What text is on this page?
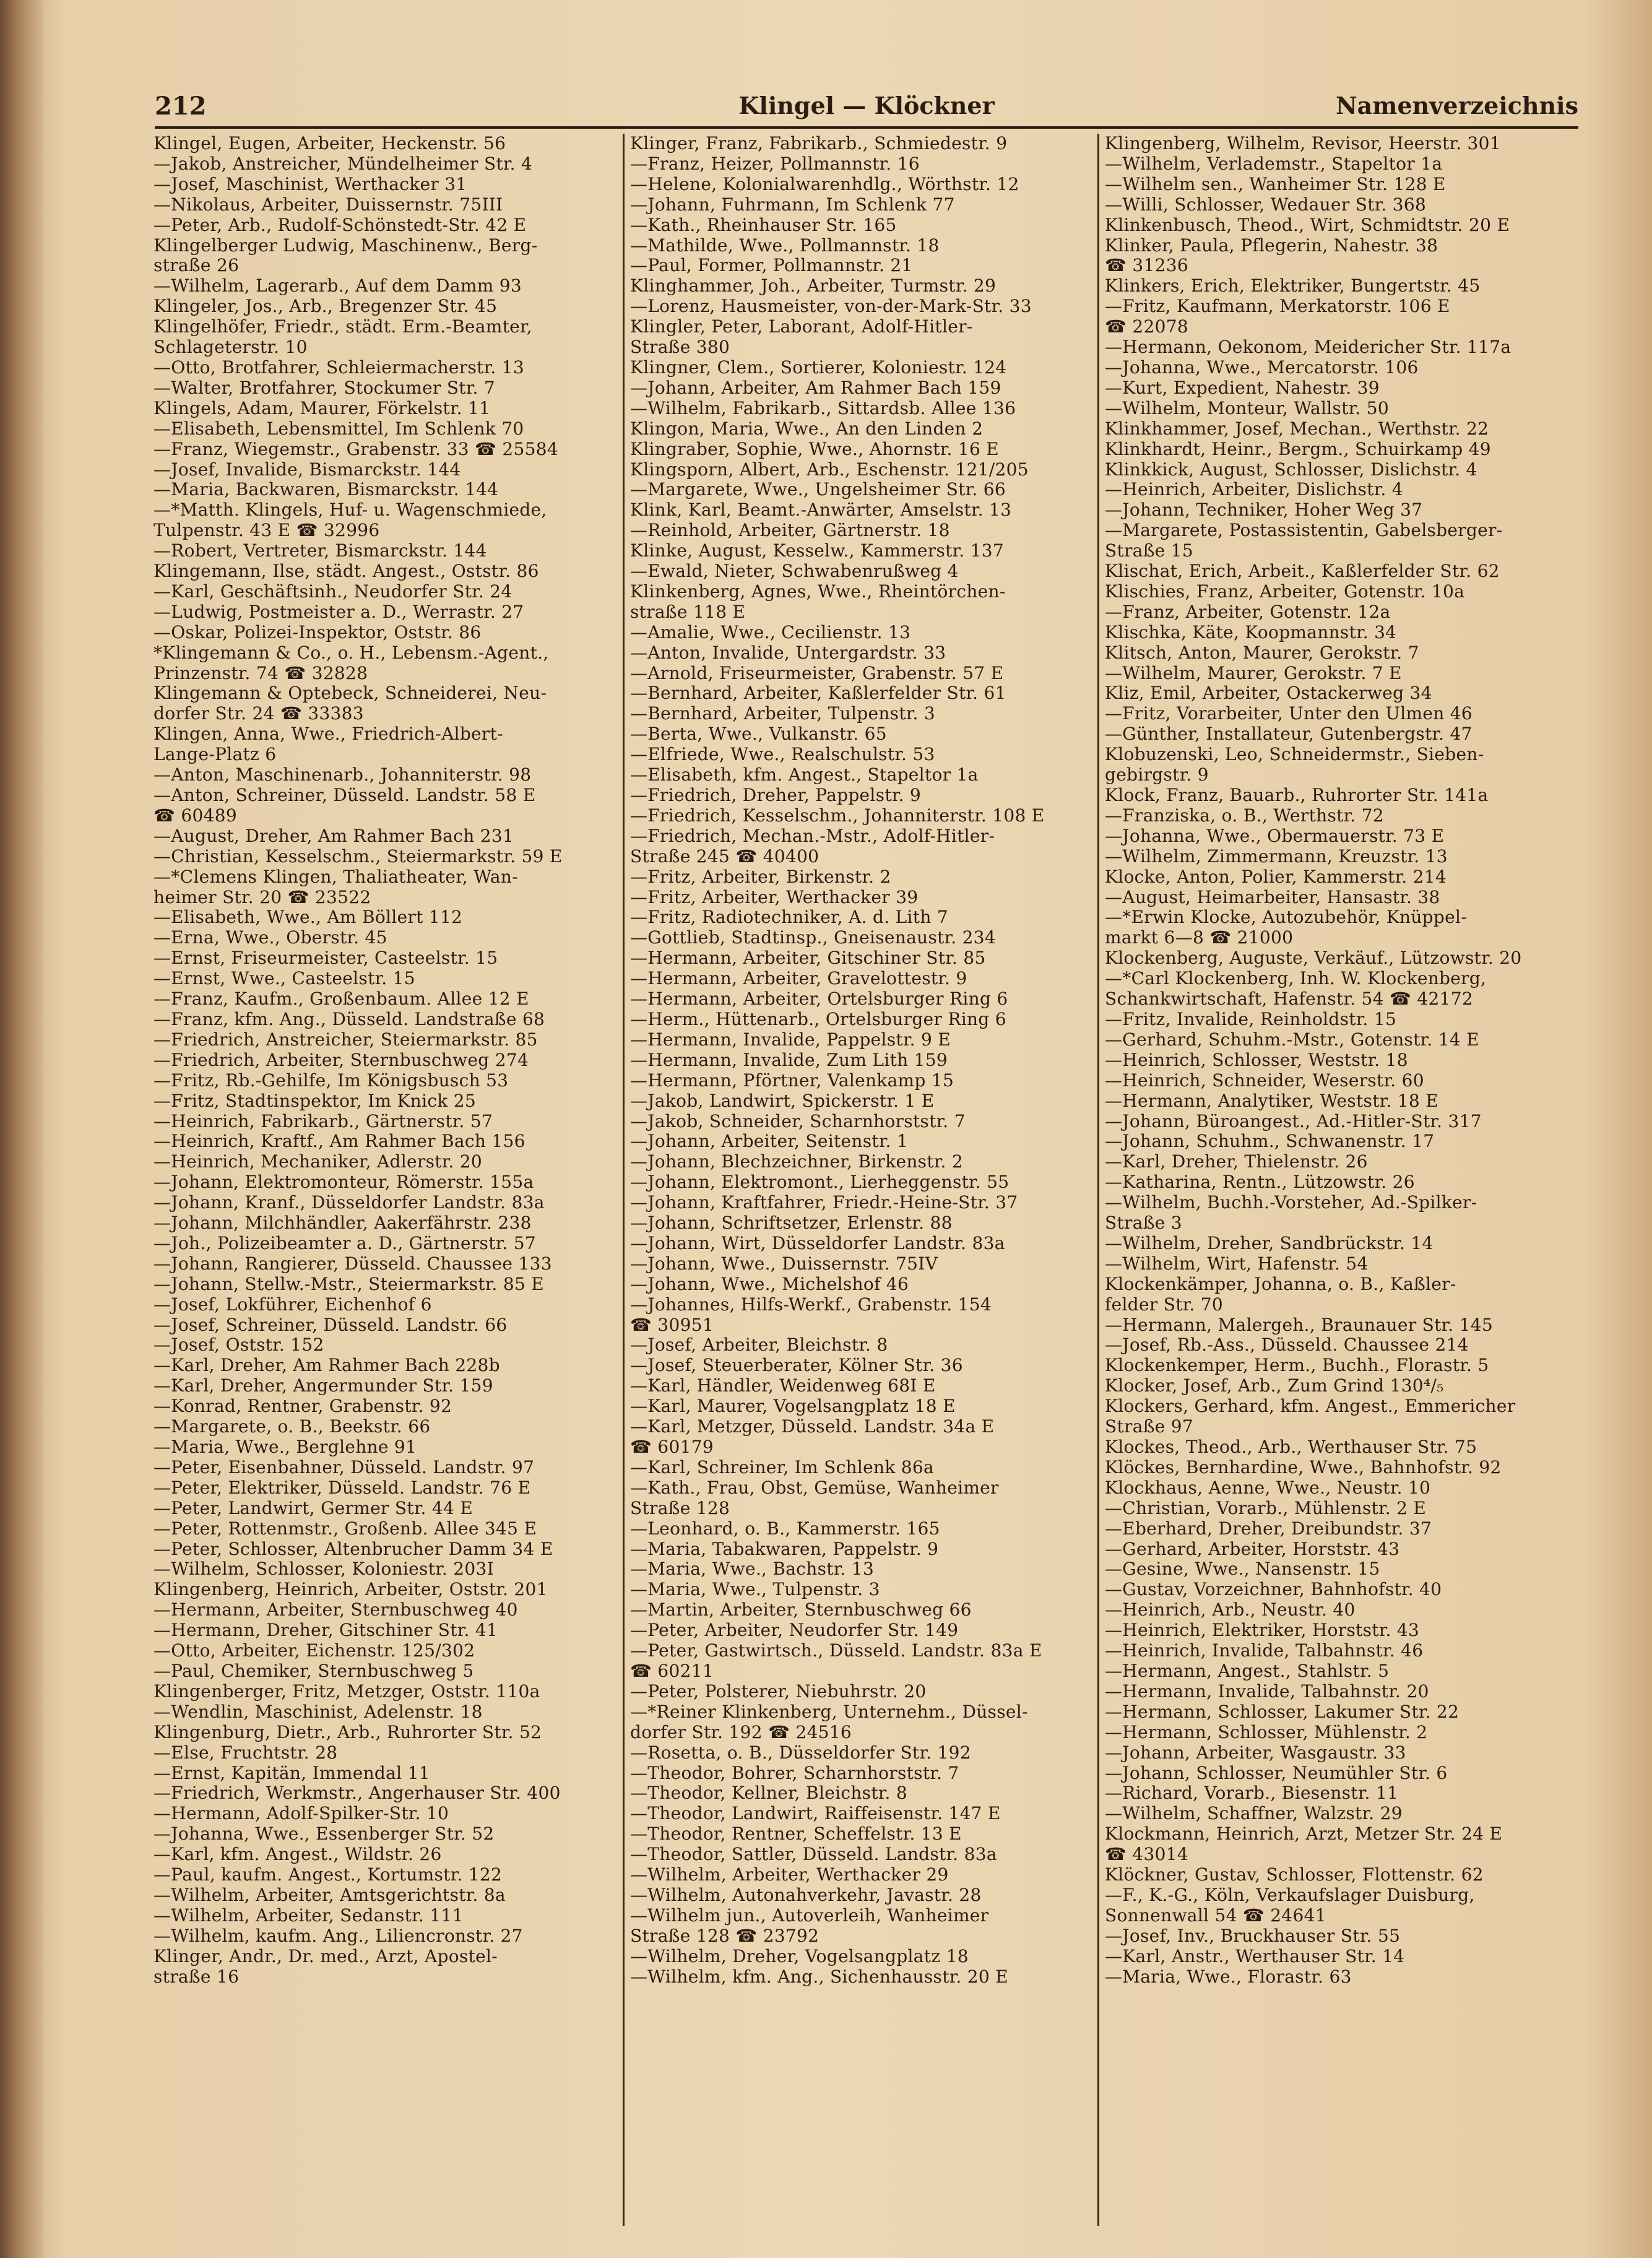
212	Klingel — Klöckner	Namenverzeichnis
Klingel, Eugen, Arbeiter, Heckenstr. 56
—Jakob, Anstreicher, Mündelheimer Str. 4
—Josef, Maschinist, Werthacker 31
—Nikolaus, Arbeiter, Duissernstr. 75III
—Peter, Arb., Rudolf-Schönstedt-Str. 42 E
Klingelberger Ludwig, Maschinenw., Berg-
straße 26
—Wilhelm, Lagerarb., Auf dem Damm 93
Klingeler, Jos., Arb., Bregenzer Str. 45
Klingelhöfer, Friedr., städt. Erm.-Beamter,
Schlageterstr. 10
—Otto, Brotfahrer, Schleiermacherstr. 13
—Walter, Brotfahrer, Stockumer Str. 7
Klingels, Adam, Maurer, Förkelstr. 11
—Elisabeth, Lebensmittel, Im Schlenk 70
—Franz, Wiegemstr., Grabenstr. 33 ☎ 25584
—Josef, Invalide, Bismarckstr. 144
—Maria, Backwaren, Bismarckstr. 144
—*Matth. Klingels, Huf- u. Wagenschmiede,
Tulpenstr. 43 E ☎ 32996
—Robert, Vertreter, Bismarckstr. 144
Klingemann, Ilse, städt. Angest., Oststr. 86
—Karl, Geschäftsinh., Neudorfer Str. 24
—Ludwig, Postmeister a. D., Werrastr. 27
—Oskar, Polizei-Inspektor, Oststr. 86
*Klingemann & Co., o. H., Lebensm.-Agent.,
Prinzenstr. 74 ☎ 32828
Klingemann & Optebeck, Schneiderei, Neu-
dorfer Str. 24 ☎ 33383
Klingen, Anna, Wwe., Friedrich-Albert-
Lange-Platz 6
—Anton, Maschinenarb., Johanniterstr. 98
—Anton, Schreiner, Düsseld. Landstr. 58 E
☎ 60489
—August, Dreher, Am Rahmer Bach 231
—Christian, Kesselschm., Steiermarkstr. 59 E
—*Clemens Klingen, Thaliatheater, Wan-
heimer Str. 20 ☎ 23522
—Elisabeth, Wwe., Am Böllert 112
—Erna, Wwe., Oberstr. 45
—Ernst, Friseurmeister, Casteelstr. 15
—Ernst, Wwe., Casteelstr. 15
—Franz, Kaufm., Großenbaum. Allee 12 E
—Franz, kfm. Ang., Düsseld. Landstraße 68
—Friedrich, Anstreicher, Steiermarkstr. 85
—Friedrich, Arbeiter, Sternbuschweg 274
—Fritz, Rb.-Gehilfe, Im Königsbusch 53
—Fritz, Stadtinspektor, Im Knick 25
—Heinrich, Fabrikarb., Gärtnerstr. 57
—Heinrich, Kraftf., Am Rahmer Bach 156
—Heinrich, Mechaniker, Adlerstr. 20
—Johann, Elektromonteur, Römerstr. 155a
—Johann, Kranf., Düsseldorfer Landstr. 83a
—Johann, Milchhändler, Aakerfährstr. 238
—Joh., Polizeibeamter a. D., Gärtnerstr. 57
—Johann, Rangierer, Düsseld. Chaussee 133
—Johann, Stellw.-Mstr., Steiermarkstr. 85 E
—Josef, Lokführer, Eichenhof 6
—Josef, Schreiner, Düsseld. Landstr. 66
—Josef, Oststr. 152
—Karl, Dreher, Am Rahmer Bach 228b
—Karl, Dreher, Angermunder Str. 159
—Konrad, Rentner, Grabenstr. 92
—Margarete, o. B., Beekstr. 66
—Maria, Wwe., Berglehne 91
—Peter, Eisenbahner, Düsseld. Landstr. 97
—Peter, Elektriker, Düsseld. Landstr. 76 E
—Peter, Landwirt, Germer Str. 44 E
—Peter, Rottenmstr., Großenb. Allee 345 E
—Peter, Schlosser, Altenbrucher Damm 34 E
—Wilhelm, Schlosser, Koloniestr. 203I
Klingenberg, Heinrich, Arbeiter, Oststr. 201
—Hermann, Arbeiter, Sternbuschweg 40
—Hermann, Dreher, Gitschiner Str. 41
—Otto, Arbeiter, Eichenstr. 125/302
—Paul, Chemiker, Sternbuschweg 5
Klingenberger, Fritz, Metzger, Oststr. 110a
—Wendlin, Maschinist, Adelenstr. 18
Klingenburg, Dietr., Arb., Ruhrorter Str. 52
—Else, Fruchtstr. 28
—Ernst, Kapitän, Immendal 11
—Friedrich, Werkmstr., Angerhauser Str. 400
—Hermann, Adolf-Spilker-Str. 10
—Johanna, Wwe., Essenberger Str. 52
—Karl, kfm. Angest., Wildstr. 26
—Paul, kaufm. Angest., Kortumstr. 122
—Wilhelm, Arbeiter, Amtsgerichtstr. 8a
—Wilhelm, Arbeiter, Sedanstr. 111
—Wilhelm, kaufm. Ang., Liliencronstr. 27
Klinger, Andr., Dr. med., Arzt, Apostel-
straße 16
Klinger, Franz, Fabrikarb., Schmiedestr. 9
—Franz, Heizer, Pollmannstr. 16
—Helene, Kolonialwarenhdlg., Wörthstr. 12
—Johann, Fuhrmann, Im Schlenk 77
—Kath., Rheinhauser Str. 165
—Mathilde, Wwe., Pollmannstr. 18
—Paul, Former, Pollmannstr. 21
Klinghammer, Joh., Arbeiter, Turmstr. 29
—Lorenz, Hausmeister, von-der-Mark-Str. 33
Klingler, Peter, Laborant, Adolf-Hitler-
Straße 380
Klingner, Clem., Sortierer, Koloniestr. 124
—Johann, Arbeiter, Am Rahmer Bach 159
—Wilhelm, Fabrikarb., Sittardsb. Allee 136
Klingon, Maria, Wwe., An den Linden 2
Klingraber, Sophie, Wwe., Ahornstr. 16 E
Klingsporn, Albert, Arb., Eschenstr. 121/205
—Margarete, Wwe., Ungelsheimer Str. 66
Klink, Karl, Beamt.-Anwärter, Amselstr. 13
—Reinhold, Arbeiter, Gärtnerstr. 18
Klinke, August, Kesselw., Kammerstr. 137
—Ewald, Nieter, Schwabenrußweg 4
Klinkenberg, Agnes, Wwe., Rheintörchen-
straße 118 E
—Amalie, Wwe., Cecilienstr. 13
—Anton, Invalide, Untergardstr. 33
—Arnold, Friseurmeister, Grabenstr. 57 E
—Bernhard, Arbeiter, Kaßlerfelder Str. 61
—Bernhard, Arbeiter, Tulpenstr. 3
—Berta, Wwe., Vulkanstr. 65
—Elfriede, Wwe., Realschulstr. 53
—Elisabeth, kfm. Angest., Stapeltor 1a
—Friedrich, Dreher, Pappelstr. 9
—Friedrich, Kesselschm., Johanniterstr. 108 E
—Friedrich, Mechan.-Mstr., Adolf-Hitler-
Straße 245 ☎ 40400
—Fritz, Arbeiter, Birkenstr. 2
—Fritz, Arbeiter, Werthacker 39
—Fritz, Radiotechniker, A. d. Lith 7
—Gottlieb, Stadtinsp., Gneisenaustr. 234
—Hermann, Arbeiter, Gitschiner Str. 85
—Hermann, Arbeiter, Gravelottestr. 9
—Hermann, Arbeiter, Ortelsburger Ring 6
—Herm., Hüttenarb., Ortelsburger Ring 6
—Hermann, Invalide, Pappelstr. 9 E
—Hermann, Invalide, Zum Lith 159
—Hermann, Pförtner, Valenkamp 15
—Jakob, Landwirt, Spickerstr. 1 E
—Jakob, Schneider, Scharnhorststr. 7
—Johann, Arbeiter, Seitenstr. 1
—Johann, Blechzeichner, Birkenstr. 2
—Johann, Elektromont., Lierheggenstr. 55
—Johann, Kraftfahrer, Friedr.-Heine-Str. 37
—Johann, Schriftsetzer, Erlenstr. 88
—Johann, Wirt, Düsseldorfer Landstr. 83a
—Johann, Wwe., Duissernstr. 75IV
—Johann, Wwe., Michelshof 46
—Johannes, Hilfs-Werkf., Grabenstr. 154
☎ 30951
—Josef, Arbeiter, Bleichstr. 8
—Josef, Steuerberater, Kölner Str. 36
—Karl, Händler, Weidenweg 68I E
—Karl, Maurer, Vogelsangplatz 18 E
—Karl, Metzger, Düsseld. Landstr. 34a E
☎ 60179
—Karl, Schreiner, Im Schlenk 86a
—Kath., Frau, Obst, Gemüse, Wanheimer
Straße 128
—Leonhard, o. B., Kammerstr. 165
—Maria, Tabakwaren, Pappelstr. 9
—Maria, Wwe., Bachstr. 13
—Maria, Wwe., Tulpenstr. 3
—Martin, Arbeiter, Sternbuschweg 66
—Peter, Arbeiter, Neudorfer Str. 149
—Peter, Gastwirtsch., Düsseld. Landstr. 83a E
☎ 60211
—Peter, Polsterer, Niebuhrstr. 20
—*Reiner Klinkenberg, Unternehm., Düssel-
dorfer Str. 192 ☎ 24516
—Rosetta, o. B., Düsseldorfer Str. 192
—Theodor, Bohrer, Scharnhorststr. 7
—Theodor, Kellner, Bleichstr. 8
—Theodor, Landwirt, Raiffeisenstr. 147 E
—Theodor, Rentner, Scheffelstr. 13 E
—Theodor, Sattler, Düsseld. Landstr. 83a
—Wilhelm, Arbeiter, Werthacker 29
—Wilhelm, Autonahverkehr, Javastr. 28
—Wilhelm jun., Autoverleih, Wanheimer
Straße 128 ☎ 23792
—Wilhelm, Dreher, Vogelsangplatz 18
—Wilhelm, kfm. Ang., Sichenhausstr. 20 E
Klingenberg, Wilhelm, Revisor, Heerstr. 301
—Wilhelm, Verlademstr., Stapeltor 1a
—Wilhelm sen., Wanheimer Str. 128 E
—Willi, Schlosser, Wedauer Str. 368
Klinkenbusch, Theod., Wirt, Schmidtstr. 20 E
Klinker, Paula, Pflegerin, Nahestr. 38
☎ 31236
Klinkers, Erich, Elektriker, Bungertstr. 45
—Fritz, Kaufmann, Merkatorstr. 106 E
☎ 22078
—Hermann, Oekonom, Meidericher Str. 117a
—Johanna, Wwe., Mercatorstr. 106
—Kurt, Expedient, Nahestr. 39
—Wilhelm, Monteur, Wallstr. 50
Klinkhammer, Josef, Mechan., Werthstr. 22
Klinkhardt, Heinr., Bergm., Schuirkamp 49
Klinkkick, August, Schlosser, Dislichstr. 4
—Heinrich, Arbeiter, Dislichstr. 4
—Johann, Techniker, Hoher Weg 37
—Margarete, Postassistentin, Gabelsberger-
Straße 15
Klischat, Erich, Arbeit., Kaßlerfelder Str. 62
Klischies, Franz, Arbeiter, Gotenstr. 10a
—Franz, Arbeiter, Gotenstr. 12a
Klischka, Käte, Koopmannstr. 34
Klitsch, Anton, Maurer, Gerokstr. 7
—Wilhelm, Maurer, Gerokstr. 7 E
Kliz, Emil, Arbeiter, Ostackerweg 34
—Fritz, Vorarbeiter, Unter den Ulmen 46
—Günther, Installateur, Gutenbergstr. 47
Klobuzenski, Leo, Schneidermstr., Sieben-
gebirgstr. 9
Klock, Franz, Bauarb., Ruhrorter Str. 141a
—Franziska, o. B., Werthstr. 72
—Johanna, Wwe., Obermauerstr. 73 E
—Wilhelm, Zimmermann, Kreuzstr. 13
Klocke, Anton, Polier, Kammerstr. 214
—August, Heimarbeiter, Hansastr. 38
—*Erwin Klocke, Autozubehör, Knüppel-
markt 6—8 ☎ 21000
Klockenberg, Auguste, Verkäuf., Lützowstr. 20
—*Carl Klockenberg, Inh. W. Klockenberg,
Schankwirtschaft, Hafenstr. 54 ☎ 42172
—Fritz, Invalide, Reinholdstr. 15
—Gerhard, Schuhm.-Mstr., Gotenstr. 14 E
—Heinrich, Schlosser, Weststr. 18
—Heinrich, Schneider, Weserstr. 60
—Hermann, Analytiker, Weststr. 18 E
—Johann, Büroangest., Ad.-Hitler-Str. 317
—Johann, Schuhm., Schwanenstr. 17
—Karl, Dreher, Thielenstr. 26
—Katharina, Rentn., Lützowstr. 26
—Wilhelm, Buchh.-Vorsteher, Ad.-Spilker-
Straße 3
—Wilhelm, Dreher, Sandbrückstr. 14
—Wilhelm, Wirt, Hafenstr. 54
Klockenkämper, Johanna, o. B., Kaßler-
felder Str. 70
—Hermann, Malergeh., Braunauer Str. 145
—Josef, Rb.-Ass., Düsseld. Chaussee 214
Klockenkemper, Herm., Buchh., Florastr. 5
Klocker, Josef, Arb., Zum Grind 130⁴/₅
Klockers, Gerhard, kfm. Angest., Emmericher
Straße 97
Klockes, Theod., Arb., Werthauser Str. 75
Klöckes, Bernhardine, Wwe., Bahnhofstr. 92
Klockhaus, Aenne, Wwe., Neustr. 10
—Christian, Vorarb., Mühlenstr. 2 E
—Eberhard, Dreher, Dreibundstr. 37
—Gerhard, Arbeiter, Horststr. 43
—Gesine, Wwe., Nansenstr. 15
—Gustav, Vorzeichner, Bahnhofstr. 40
—Heinrich, Arb., Neustr. 40
—Heinrich, Elektriker, Horststr. 43
—Heinrich, Invalide, Talbahnstr. 46
—Hermann, Angest., Stahlstr. 5
—Hermann, Invalide, Talbahnstr. 20
—Hermann, Schlosser, Lakumer Str. 22
—Hermann, Schlosser, Mühlenstr. 2
—Johann, Arbeiter, Wasgaustr. 33
—Johann, Schlosser, Neumühler Str. 6
—Richard, Vorarb., Biesenstr. 11
—Wilhelm, Schaffner, Walzstr. 29
Klockmann, Heinrich, Arzt, Metzer Str. 24 E
☎ 43014
Klöckner, Gustav, Schlosser, Flottenstr. 62
—F., K.-G., Köln, Verkaufslager Duisburg,
Sonnenwall 54 ☎ 24641
—Josef, Inv., Bruckhauser Str. 55
—Karl, Anstr., Werthauser Str. 14
—Maria, Wwe., Florastr. 63
